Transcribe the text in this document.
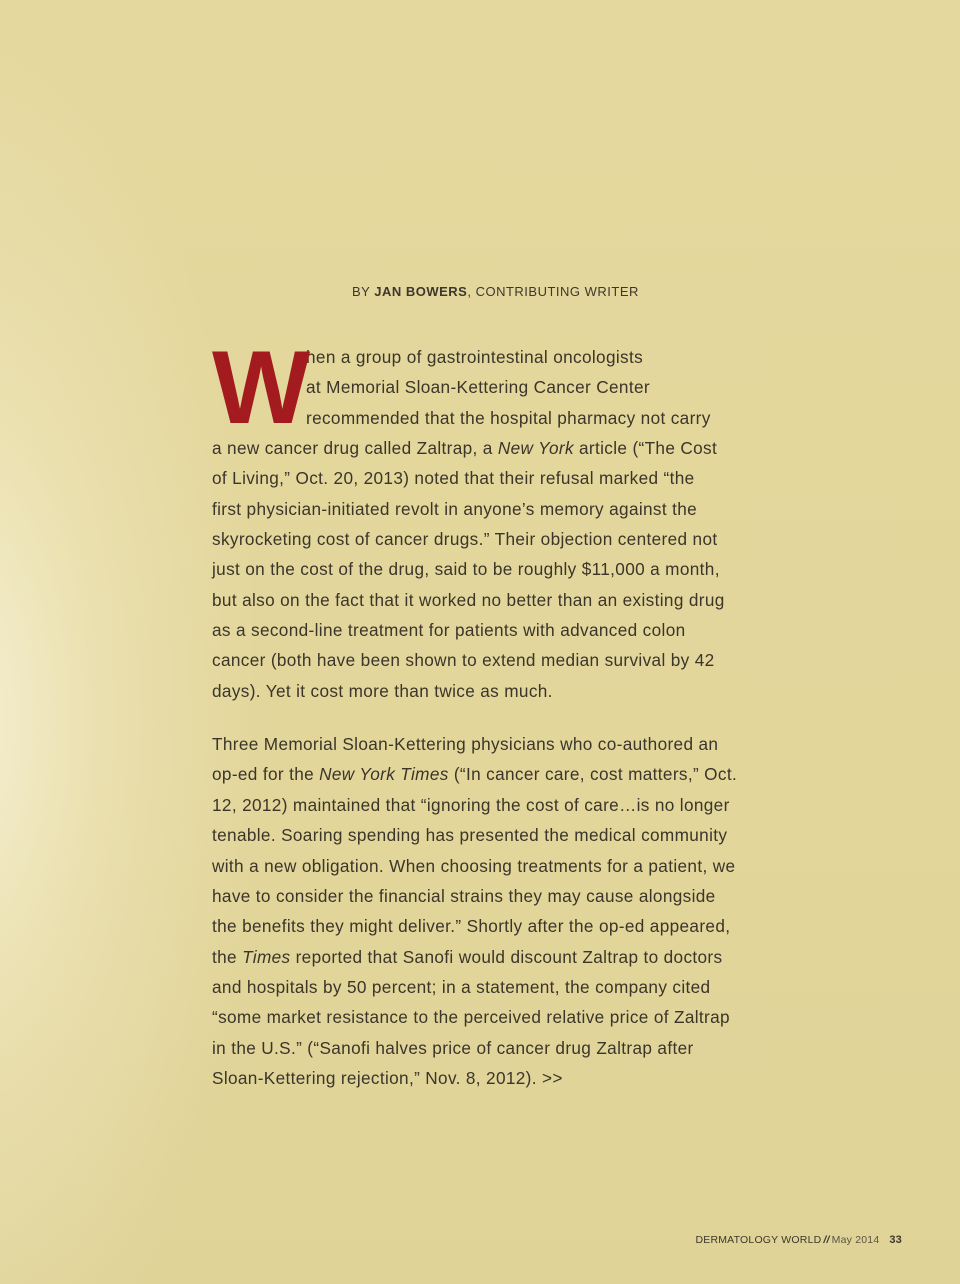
BY JAN BOWERS, CONTRIBUTING WRITER
W hen a group of gastrointestinal oncologists
at Memorial Sloan-Kettering Cancer Center
recommended that the hospital pharmacy not carry
a new cancer drug called Zaltrap, a New York article (“The Cost
of Living,” Oct. 20, 2013) noted that their refusal marked “the
first physician-initiated revolt in anyone’s memory against the
skyrocketing cost of cancer drugs.” Their objection centered not
just on the cost of the drug, said to be roughly $11,000 a month,
but also on the fact that it worked no better than an existing drug
as a second-line treatment for patients with advanced colon
cancer (both have been shown to extend median survival by 42
days). Yet it cost more than twice as much.
Three Memorial Sloan-Kettering physicians who co-authored an
op-ed for the New York Times (“In cancer care, cost matters,” Oct.
12, 2012) maintained that “ignoring the cost of care…is no longer
tenable. Soaring spending has presented the medical community
with a new obligation. When choosing treatments for a patient, we
have to consider the financial strains they may cause alongside
the benefits they might deliver.” Shortly after the op-ed appeared,
the Times reported that Sanofi would discount Zaltrap to doctors
and hospitals by 50 percent; in a statement, the company cited
“some market resistance to the perceived relative price of Zaltrap
in the U.S.” (“Sanofi halves price of cancer drug Zaltrap after
Sloan-Kettering rejection,” Nov. 8, 2012). >>
DERMATOLOGY WORLD // May 2014 33
